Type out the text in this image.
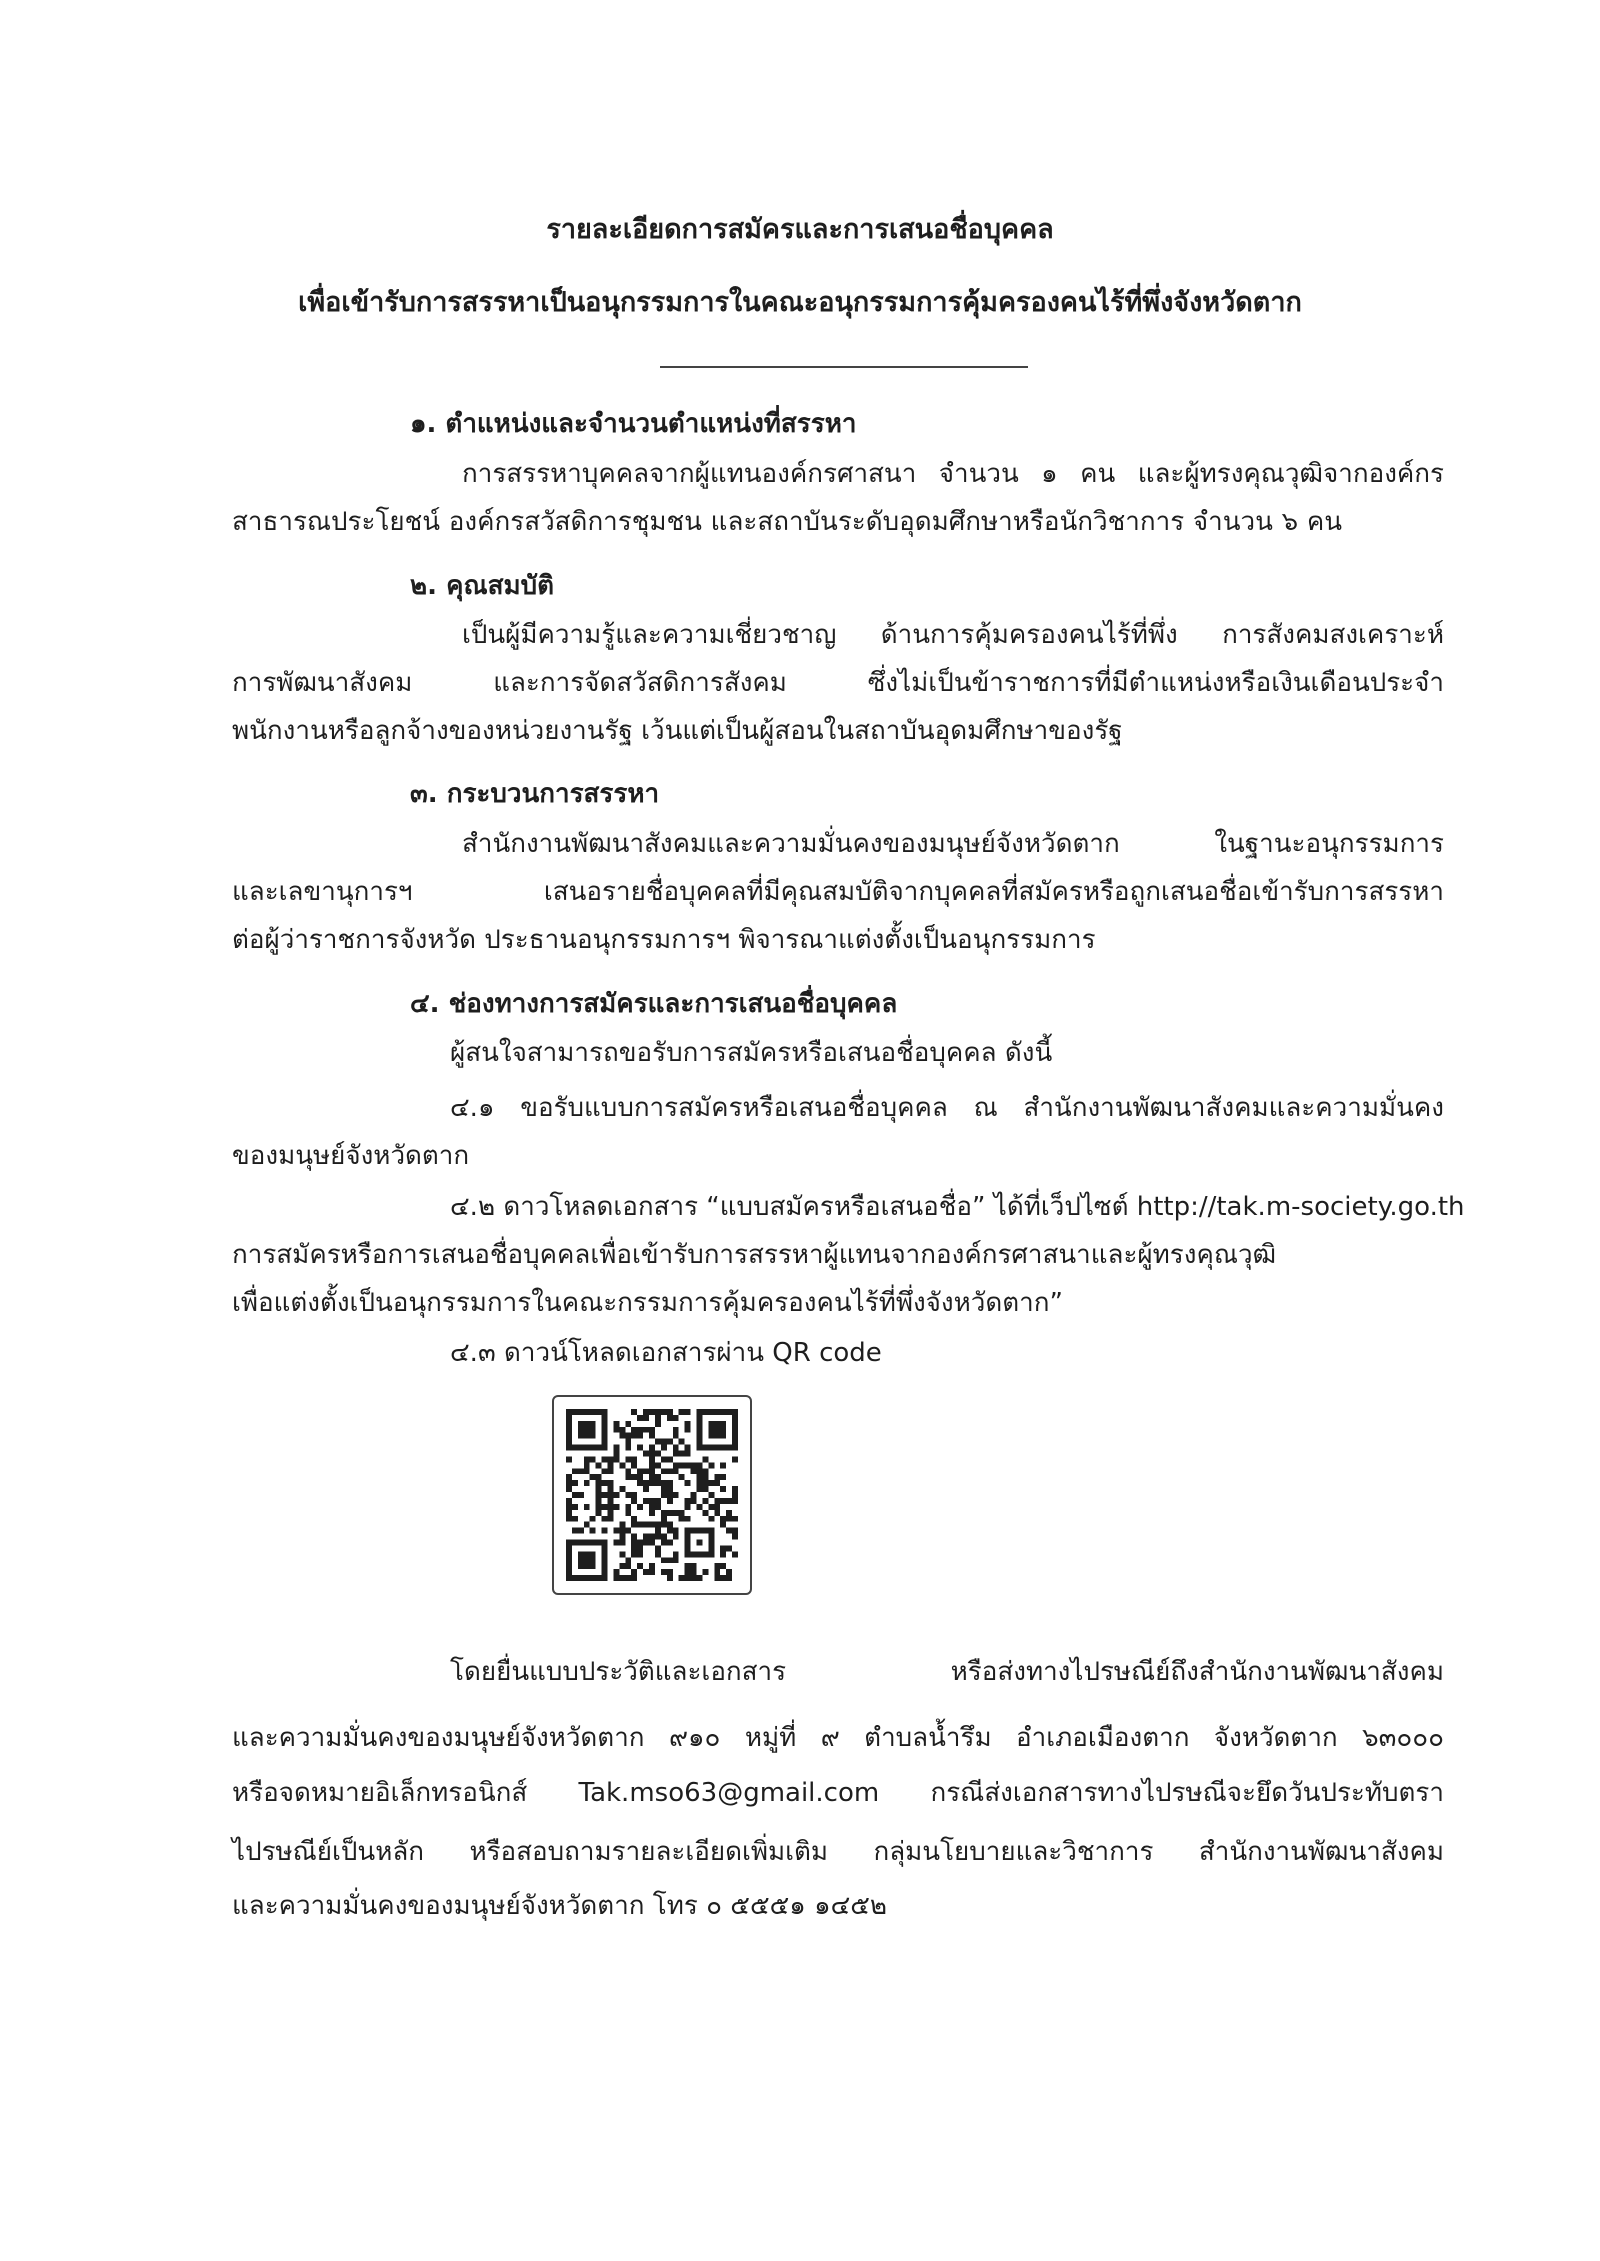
รายละเอียดการสมัครและการเสนอชื่อบุคคล
เพื่อเข้ารับการสรรหาเป็นอนุกรรมการในคณะอนุกรรมการคุ้มครองคนไร้ที่พึ่งจังหวัดตาก
๑. ตำแหน่งและจำนวนตำแหน่งที่สรรหา
การสรรหาบุคคลจากผู้แทนองค์กรศาสนา จำนวน ๑ คน และผู้ทรงคุณวุฒิจากองค์กร
สาธารณประโยชน์ องค์กรสวัสดิการชุมชน และสถาบันระดับอุดมศึกษาหรือนักวิชาการ จำนวน ๖ คน
๒. คุณสมบัติ
เป็นผู้มีความรู้และความเชี่ยวชาญ ด้านการคุ้มครองคนไร้ที่พึ่ง การสังคมสงเคราะห์
การพัฒนาสังคม และการจัดสวัสดิการสังคม ซึ่งไม่เป็นข้าราชการที่มีตำแหน่งหรือเงินเดือนประจำ
พนักงานหรือลูกจ้างของหน่วยงานรัฐ เว้นแต่เป็นผู้สอนในสถาบันอุดมศึกษาของรัฐ
๓. กระบวนการสรรหา
สำนักงานพัฒนาสังคมและความมั่นคงของมนุษย์จังหวัดตาก ในฐานะอนุกรรมการ
และเลขานุการฯ เสนอรายชื่อบุคคลที่มีคุณสมบัติจากบุคคลที่สมัครหรือถูกเสนอชื่อเข้ารับการสรรหา
ต่อผู้ว่าราชการจังหวัด ประธานอนุกรรมการฯ พิจารณาแต่งตั้งเป็นอนุกรรมการ
๔. ช่องทางการสมัครและการเสนอชื่อบุคคล
ผู้สนใจสามารถขอรับการสมัครหรือเสนอชื่อบุคคล ดังนี้
๔.๑ ขอรับแบบการสมัครหรือเสนอชื่อบุคคล ณ สำนักงานพัฒนาสังคมและความมั่นคง
ของมนุษย์จังหวัดตาก
๔.๒ ดาวโหลดเอกสาร “แบบสมัครหรือเสนอชื่อ” ได้ที่เว็ปไซต์ http://tak.m-society.go.th
การสมัครหรือการเสนอชื่อบุคคลเพื่อเข้ารับการสรรหาผู้แทนจากองค์กรศาสนาและผู้ทรงคุณวุฒิ
เพื่อแต่งตั้งเป็นอนุกรรมการในคณะกรรมการคุ้มครองคนไร้ที่พึ่งจังหวัดตาก”
๔.๓ ดาวน์โหลดเอกสารผ่าน QR code
โดยยื่นแบบประวัติและเอกสาร หรือส่งทางไปรษณีย์ถึงสำนักงานพัฒนาสังคม
และความมั่นคงของมนุษย์จังหวัดตาก ๙๑๐ หมู่ที่ ๙ ตำบลน้ำรึม อำเภอเมืองตาก จังหวัดตาก ๖๓๐๐๐
หรือจดหมายอิเล็กทรอนิกส์ Tak.mso63@gmail.com กรณีส่งเอกสารทางไปรษณีจะยึดวันประทับตรา
ไปรษณีย์เป็นหลัก หรือสอบถามรายละเอียดเพิ่มเติม กลุ่มนโยบายและวิชาการ สำนักงานพัฒนาสังคม
และความมั่นคงของมนุษย์จังหวัดตาก โทร ๐ ๕๕๕๑ ๑๔๕๒
